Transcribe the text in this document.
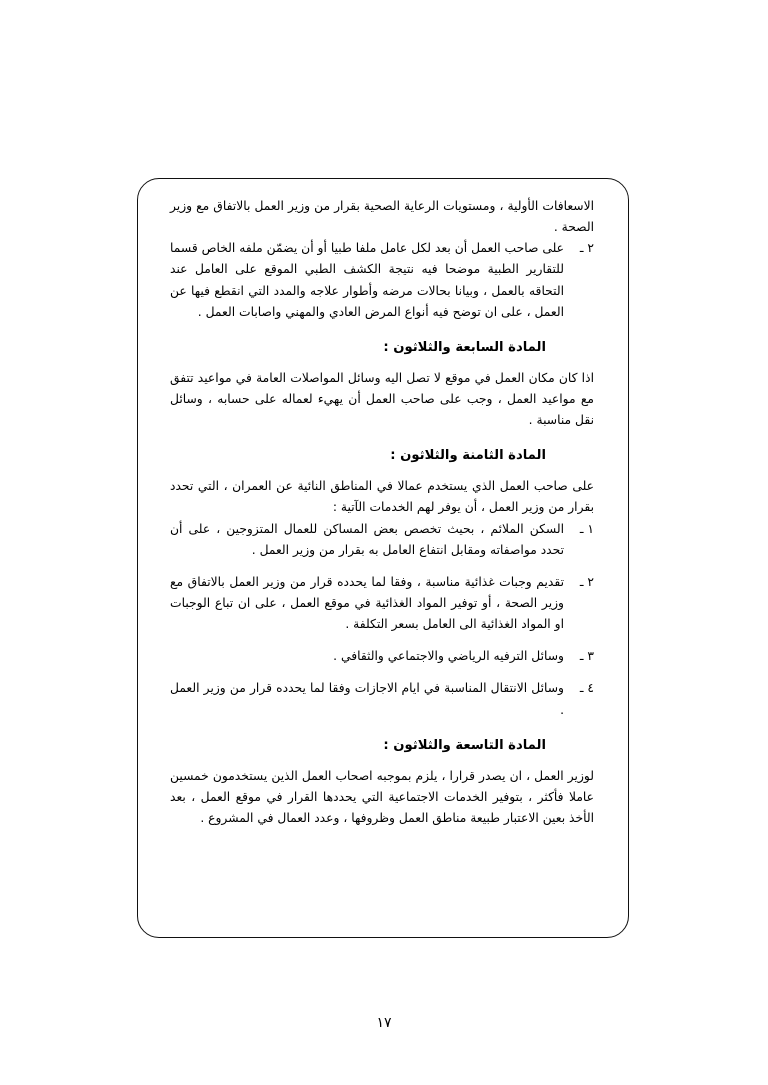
الاسعافات الأولية ، ومستويات الرعاية الصحية بقرار من وزير العمل بالاتفاق مع وزير الصحة .
٢ ـ
على صاحب العمل أن بعد لكل عامل ملفا طبيا أو أن يضمّن ملفه الخاص قسما للتقارير الطبية موضحا فيه نتيجة الكشف الطبي الموقع على العامل عند التحاقه بالعمل ، وبيانا بحالات مرضه وأطوار علاجه والمدد التي انقطع فيها عن العمل ، على ان توضح فيه أنواع المرض العادي والمهني واصابات العمل .
المادة السابعة والثلاثون :
اذا كان مكان العمل في موقع لا تصل اليه وسائل المواصلات العامة في مواعيد تتفق مع مواعيد العمل ، وجب على صاحب العمل أن يهيء لعماله على حسابه ، وسائل نقل مناسبة .
المادة الثامنة والثلاثون :
على صاحب العمل الذي يستخدم عمالا في المناطق النائية عن العمران ، التي تحدد بقرار من وزير العمل ، أن يوفر لهم الخدمات الآتية :
١ ـ
السكن الملائم ، بحيث تخصص بعض المساكن للعمال المتزوجين ، على أن تحدد مواصفاته ومقابل انتفاع العامل به بقرار من وزير العمل .
٢ ـ
تقديم وجبات غذائية مناسبة ، وفقا لما يحدده قرار من وزير العمل بالاتفاق مع وزير الصحة ، أو توفير المواد الغذائية في موقع العمل ، على ان تباع الوجبات او المواد الغذائية الى العامل بسعر التكلفة .
٣ ـ
وسائل الترفيه الرياضي والاجتماعي والثقافي .
٤ ـ
وسائل الانتقال المناسبة في ايام الاجازات وفقا لما يحدده قرار من وزير العمل .
المادة التاسعة والثلاثون :
لوزير العمل ، ان يصدر قرارا ، يلزم بموجبه اصحاب العمل الذين يستخدمون خمسين عاملا فأكثر ، بتوفير الخدمات الاجتماعية التي يحددها القرار في موقع العمل ، بعد الأخذ بعين الاعتبار طبيعة مناطق العمل وظروفها ، وعدد العمال في المشروع .
١٧
